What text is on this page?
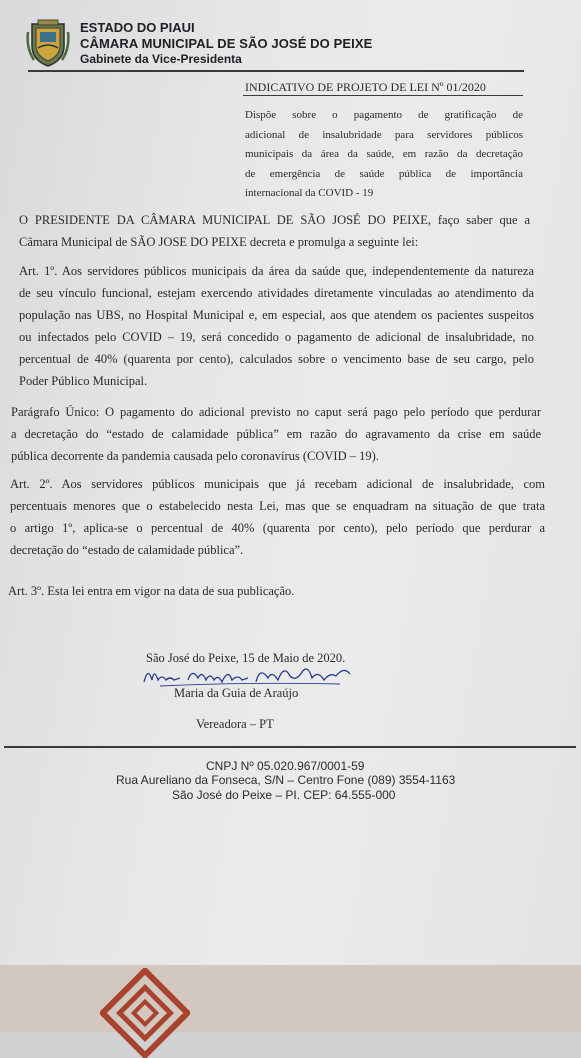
ESTADO DO PIAUI
CÂMARA MUNICIPAL DE SÃO JOSÉ DO PEIXE
Gabinete da Vice-Presidenta
INDICATIVO DE PROJETO DE LEI Nº 01/2020
Dispõe sobre o pagamento de gratificação de
adicional de insalubridade para servidores públicos
municipais da área da saúde, em razão da decretação
de emergência de saúde pública de importância
internacional da COVID - 19
O PRESIDENTE DA CÂMARA MUNICIPAL DE SÃO JOSÉ DO PEIXE, faço saber que a
Câmara Municipal de SÃO JOSE DO PEIXE decreta e promulga a seguinte lei:
Art. 1º. Aos servidores públicos municipais da área da saúde que, independentemente da natureza
de seu vínculo funcional, estejam exercendo atividades diretamente vinculadas ao atendimento da
população nas UBS, no Hospital Municipal e, em especial, aos que atendem os pacientes suspeitos
ou infectados pelo COVID – 19, será concedido o pagamento de adicional de insalubridade, no
percentual de 40% (quarenta por cento), calculados sobre o vencimento base de seu cargo, pelo
Poder Público Municipal.
Parágrafo Único: O pagamento do adicional previsto no caput será pago pelo período que perdurar
a decretação do “estado de calamidade pública” em razão do agravamento da crise em saúde
pública decorrente da pandemia causada pelo coronavírus (COVID – 19).
Art. 2º. Aos servidores públicos municipais que já recebam adicional de insalubridade, com
percentuais menores que o estabelecido nesta Lei, mas que se enquadram na situação de que trata
o artigo 1º, aplica-se o percentual de 40% (quarenta por cento), pelo período que perdurar a
decretação do “estado de calamidade pública”.
Art. 3º. Esta lei entra em vigor na data de sua publicação.
São José do Peixe, 15 de Maio de 2020.
Maria da Guia de Araújo
Vereadora – PT
CNPJ Nº 05.020.967/0001-59
Rua Aureliano da Fonseca, S/N – Centro Fone (089) 3554-1163
São José do Peixe – PI. CEP: 64.555-000
